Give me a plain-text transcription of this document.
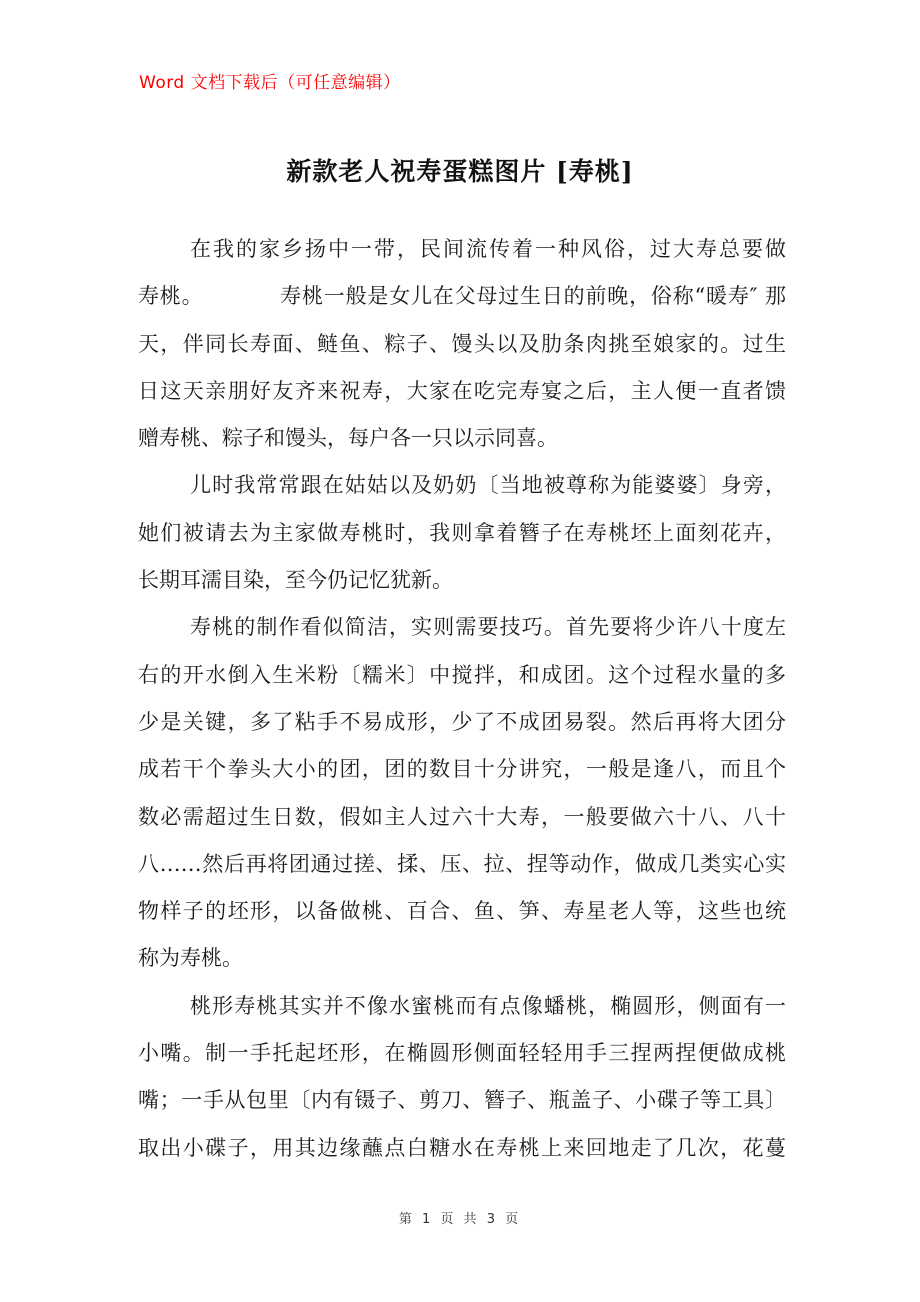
Word 文档下载后（可任意编辑）
新款老人祝寿蛋糕图片 [寿桃]
在我的家乡扬中一带，民间流传着一种风俗，过大寿总要做
寿桃。　　　　寿桃一般是女儿在父母过生日的前晚，俗称“暖寿″ 那
天，伴同长寿面、鲢鱼、粽子、馒头以及肋条肉挑至娘家的。过生
日这天亲朋好友齐来祝寿，大家在吃完寿宴之后，主人便一直者馈
赠寿桃、粽子和馒头，每户各一只以示同喜。
儿时我常常跟在姑姑以及奶奶〔当地被尊称为能婆婆〕身旁，
她们被请去为主家做寿桃时，我则拿着簪子在寿桃坯上面刻花卉，
长期耳濡目染，至今仍记忆犹新。
寿桃的制作看似简洁，实则需要技巧。首先要将少许八十度左
右的开水倒入生米粉〔糯米〕中搅拌，和成团。这个过程水量的多
少是关键，多了粘手不易成形，少了不成团易裂。然后再将大团分
成若干个拳头大小的团，团的数目十分讲究，一般是逢八，而且个
数必需超过生日数，假如主人过六十大寿，一般要做六十八、八十
八……然后再将团通过搓、揉、压、拉、捏等动作，做成几类实心实
物样子的坯形，以备做桃、百合、鱼、笋、寿星老人等，这些也统
称为寿桃。
桃形寿桃其实并不像水蜜桃而有点像蟠桃，椭圆形，侧面有一
小嘴。制一手托起坯形，在椭圆形侧面轻轻用手三捏两捏便做成桃
嘴；一手从包里〔内有镊子、剪刀、簪子、瓶盖子、小碟子等工具〕
取出小碟子，用其边缘蘸点白糖水在寿桃上来回地走了几次，花蔓
第 1 页 共 3 页
